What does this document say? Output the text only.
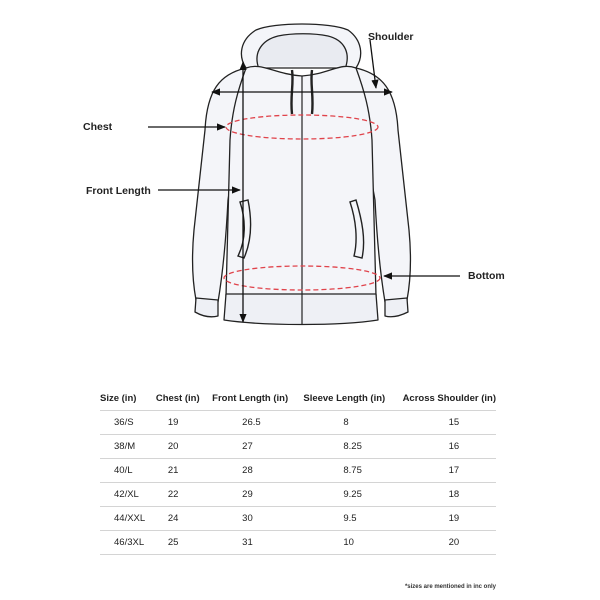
Shoulder
Chest
Front Length
Bottom
Size (in)	Chest (in)	Front Length (in)	Sleeve Length (in)	Across Shoulder (in)
36/S	19	26.5	8	15
38/M	20	27	8.25	16
40/L	21	28	8.75	17
42/XL	22	29	9.25	18
44/XXL	24	30	9.5	19
46/3XL	25	31	10	20
*sizes are mentioned in inc only
